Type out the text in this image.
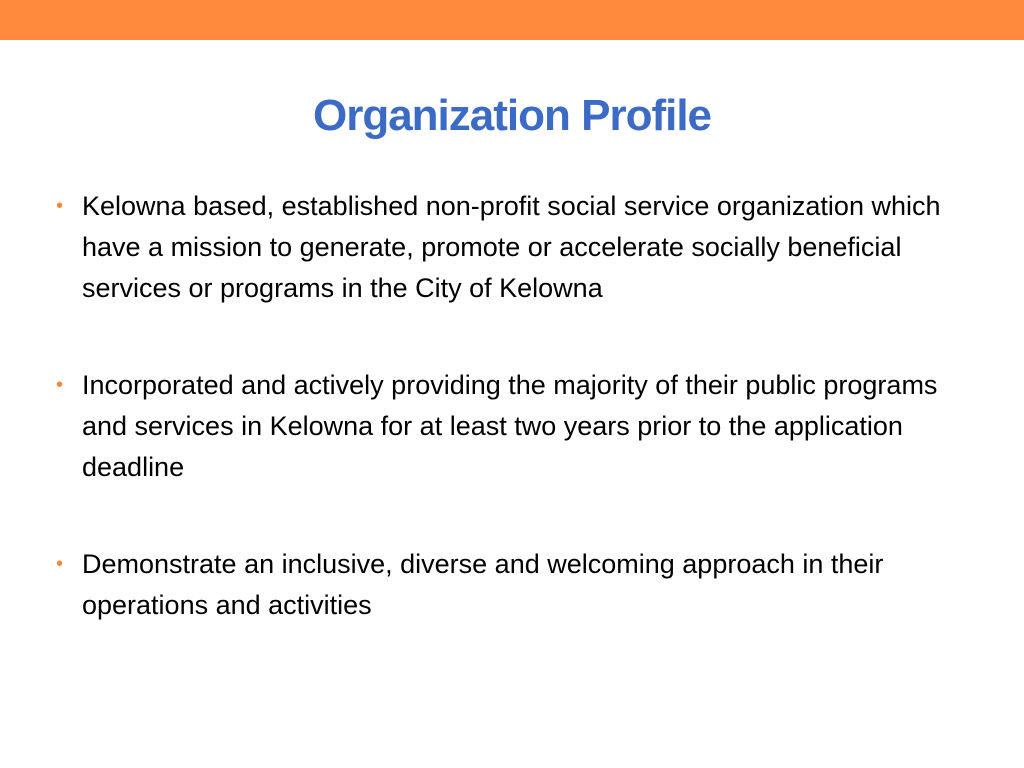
Organization Profile
• Kelowna based, established non-profit social service organization which have a mission to generate, promote or accelerate socially beneficial services or programs in the City of Kelowna
• Incorporated and actively providing the majority of their public programs and services in Kelowna for at least two years prior to the application deadline
• Demonstrate an inclusive, diverse and welcoming approach in their operations and activities
